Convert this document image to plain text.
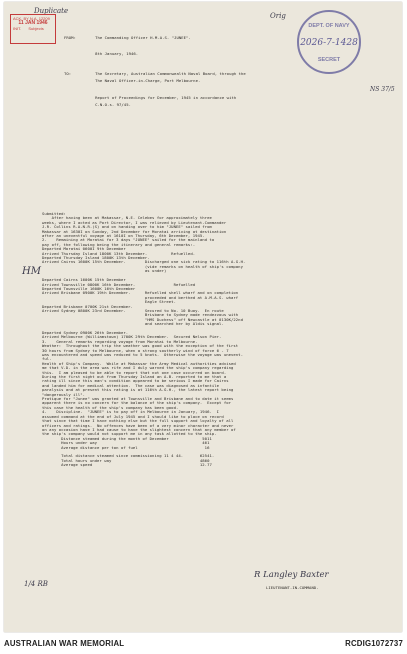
Duplicate
ACK. BY N.A. 12209
11 JAN 1946
INIT. Subjects
Orig
DEPT. OF NAVY
2026-7-1428
SECRET
NS 37/5
FROM:        The Commanding Officer H.M.A.S. "JUNEE".
8th January, 1946.
TO:          The Secretary, Australian Commonwealth Naval Board, through the
The Naval Officer-in-Charge, Port Melbourne.
Report of Proceedings for December, 1945 in accordance with
C.N.O.s. 97/45.
HM
Submitted:
After having been at Makassar, N.E. Celebes for approximately three
weeks, where I acted as Port Director, I was relieved by Lieutenant-Commander
J.R. Collins R.A.N.R.(S) and on handing over to him "JUNEE" sailed from
Makassar at 1630I on Sunday, 2nd December for Moratai arriving at destination
after an uneventful voyage at 1610I on Thursday, 6th December, 1945.
2.    Remaining at Moratai for 3 days "JUNEE" sailed for the mainland to
pay off, the following being the itinerary and general remarks:-
Departed Moratai 0600I 9th December
Arrived Thursday Island 1800K 13th December.          Refuelled.
Departed Thursday Island 1800K 13th December.
Arrived Cairns 1600K 15th December.        Discharged one sick rating to 116th A.G.H.
(vide remarks on health of ship's company
as under)

Departed Cairns 1600K 15th December
Arrived Townsville 0800K 16th December.                Refuelled
Departed Townsville 1600K 16th December
Arrived Brisbane 0900K 19th December.      Refuelled shell wharf and on completion
proceeded and berthed at A.M.A.S. wharf
Eagle Street.
Departed Brisbane 0700K 21st December.
Arrived Sydney 0800K 23rd December.        Secured to No. 10 Buoy.  En route
Brisbane to Sydney made rendezvous with
"HMS Duchess" off Newcastle at 0130K/22nd
and searched her by Aldis signal.

Departed Sydney 0900K 26th December.
Arrived Melbourne (Williamstown) 1700K 29th December.  Secured Nelson Pier.
3.    General remarks regarding voyage from Moratai to Melbourne.
Weather:  Throughout the trip the weather was good with the exception of the first
30 hours from Sydney to Melbourne, when a strong southerly wind of force 6 - 7
was encountered and speed was reduced to 5 knots.  Otherwise the voyage was unevent-
ful.
Health of Ship's Company.  While at Makassar the Army Medical authorities advised
me that V.D. in the area was rife and I duly warned the ship's company regarding
this.  I am pleased to be able to report that not one case occurred on board.
During the first night out from Thursday Island an A.B. reported to me that a
rating ill since this man's condition appeared to be serious I made for Cairns
and landed him for medical attention.  The case was diagnosed as infantile
paralysis and at present this rating is at 116th A.G.H., the latest report being
"dangerously ill".
Pratique for "Junee" was granted at Townsville and Brisbane and to date it seems
apparent there is no concern for the balance of the ship's company.  Except for
this case the health of the ship's company has been good.
4.    Discipline.  "JUNEE" is to pay off in Melbourne in January, 1946.  I
assumed command at the end of July 1945 and I should like to place on record
that since that time I have nothing else but the full support and loyalty of all
officers and ratings.  No offences have been of a very minor character and never
on any occasion have I had cause to have the slightest concern that any member of
the ship's company would not support me in any task allotted to the ship.
Distance steamed during the month of December              5011
Hours under way                                            461
Average distance per ton of fuel                            16

Total distance steamed since commissioning 11 4 44.       62541.
Total hours under way                                     4860
Average speed                                             12.77
R Langley Baxter
LIEUTENANT-IN-COMMAND.
1/4 RB
AUSTRALIAN WAR MEMORIAL	RCDIG1072737
